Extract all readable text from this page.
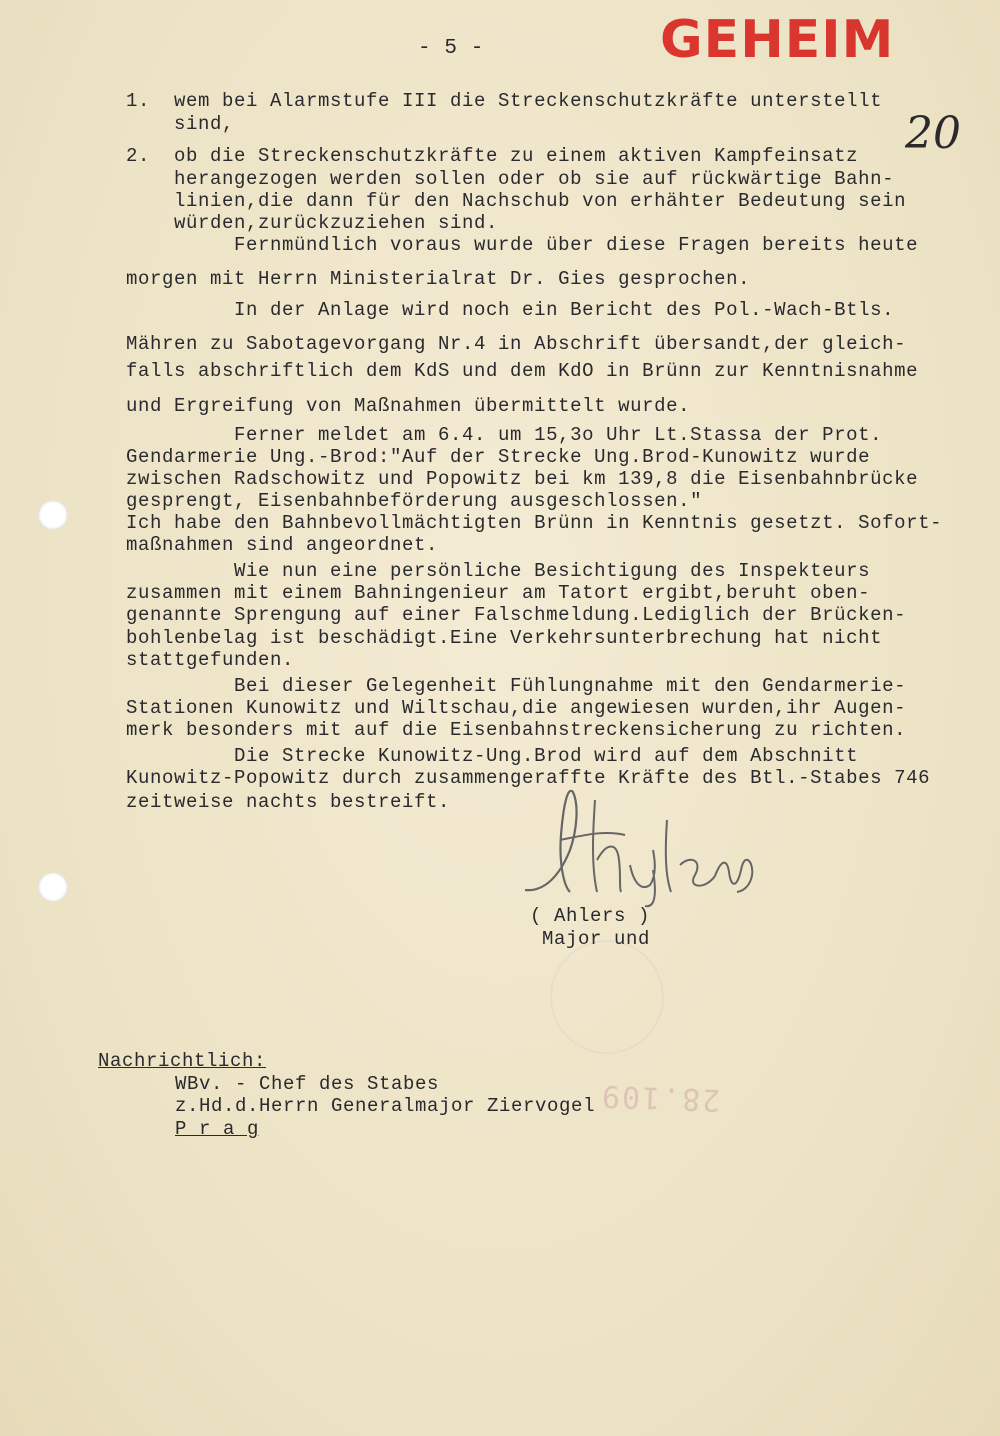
- 5 -	GEHEIM
20
1.  wem bei Alarmstufe III die Streckenschutzkräfte unterstellt
sind,
2.  ob die Streckenschutzkräfte zu einem aktiven Kampfeinsatz
herangezogen werden sollen oder ob sie auf rückwärtige Bahn-
linien,die dann für den Nachschub von erhähter Bedeutung sein
würden,zurückzuziehen sind.
Fernmündlich voraus wurde über diese Fragen bereits heute
morgen mit Herrn Ministerialrat Dr. Gies gesprochen.
In der Anlage wird noch ein Bericht des Pol.-Wach-Btls.
Mähren zu Sabotagevorgang Nr.4 in Abschrift übersandt,der gleich-
falls abschriftlich dem KdS und dem KdO in Brünn zur Kenntnisnahme
und Ergreifung von Maßnahmen übermittelt wurde.
Ferner meldet am 6.4. um 15,3o Uhr Lt.Stassa der Prot.
Gendarmerie Ung.-Brod:"Auf der Strecke Ung.Brod-Kunowitz wurde
zwischen Radschowitz und Popowitz bei km 139,8 die Eisenbahnbrücke
gesprengt, Eisenbahnbeförderung ausgeschlossen."
Ich habe den Bahnbevollmächtigten Brünn in Kenntnis gesetzt. Sofort-
maßnahmen sind angeordnet.
Wie nun eine persönliche Besichtigung des Inspekteurs
zusammen mit einem Bahningenieur am Tatort ergibt,beruht oben-
genannte Sprengung auf einer Falschmeldung.Lediglich der Brücken-
bohlenbelag ist beschädigt.Eine Verkehrsunterbrechung hat nicht
stattgefunden.
Bei dieser Gelegenheit Fühlungnahme mit den Gendarmerie-
Stationen Kunowitz und Wiltschau,die angewiesen wurden,ihr Augen-
merk besonders mit auf die Eisenbahnstreckensicherung zu richten.
Die Strecke Kunowitz-Ung.Brod wird auf dem Abschnitt
Kunowitz-Popowitz durch zusammengeraffte Kräfte des Btl.-Stabes 746
zeitweise nachts bestreift.
( Ahlers )
Major und
Nachrichtlich:
WBv. - Chef des Stabes
z.Hd.d.Herrn Generalmajor Ziervogel
P r a g
28.109
